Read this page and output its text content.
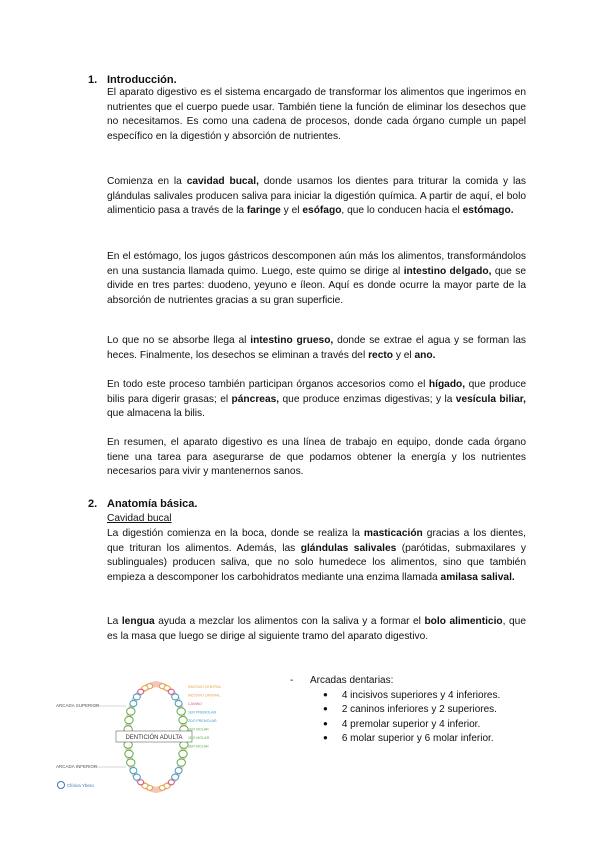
1. Introducción.

El aparato digestivo es el sistema encargado de transformar los alimentos que ingerimos en nutrientes que el cuerpo puede usar. También tiene la función de eliminar los desechos que no necesitamos. Es como una cadena de procesos, donde cada órgano cumple un papel específico en la digestión y absorción de nutrientes.

Comienza en la cavidad bucal, donde usamos los dientes para triturar la comida y las glándulas salivales producen saliva para iniciar la digestión química. A partir de aquí, el bolo alimenticio pasa a través de la faringe y el esófago, que lo conducen hacia el estómago.

En el estómago, los jugos gástricos descomponen aún más los alimentos, transformándolos en una sustancia llamada quimo. Luego, este quimo se dirige al intestino delgado, que se divide en tres partes: duodeno, yeyuno e íleon. Aquí es donde ocurre la mayor parte de la absorción de nutrientes gracias a su gran superficie.

Lo que no se absorbe llega al intestino grueso, donde se extrae el agua y se forman las heces. Finalmente, los desechos se eliminan a través del recto y el ano.

En todo este proceso también participan órganos accesorios como el hígado, que produce bilis para digerir grasas; el páncreas, que produce enzimas digestivas; y la vesícula biliar, que almacena la bilis.

En resumen, el aparato digestivo es una línea de trabajo en equipo, donde cada órgano tiene una tarea para asegurarse de que podamos obtener la energía y los nutrientes necesarios para vivir y mantenernos sanos.

2. Anatomía básica.

Cavidad bucal

La digestión comienza en la boca, donde se realiza la masticación gracias a los dientes, que trituran los alimentos. Además, las glándulas salivales (parótidas, submaxilares y sublinguales) producen saliva, que no solo humedece los alimentos, sino que también empieza a descomponer los carbohidratos mediante una enzima llamada amilasa salival.

La lengua ayuda a mezclar los alimentos con la saliva y a formar el bolo alimenticio, que es la masa que luego se dirige al siguiente tramo del aparato digestivo.

DENTICIÓN ADULTA
ARCADA SUPERIOR
ARCADA INFERIOR
INCISIVO CENTRAL
INCISIVO LATERAL
CANINO
1ER PREMOLAR
2DO PREMOLAR
1ER MOLAR
2DO MOLAR
3ER MOLAR
Clínica Ybero
- Arcadas dentarias:
● 4 incisivos superiores y 4 inferiores.
● 2 caninos inferiores y 2 superiores.
● 4 premolar superior y 4 inferior.
● 6 molar superior y 6 molar inferior.
